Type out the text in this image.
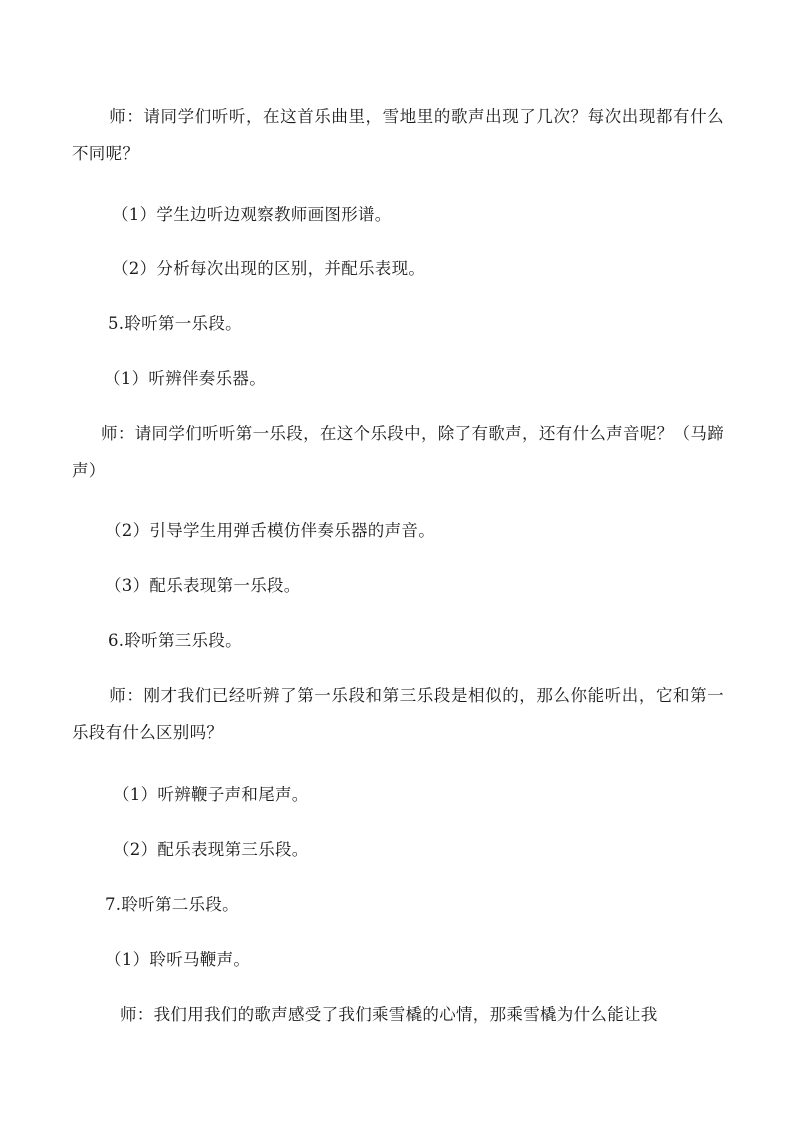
师：请同学们听听，在这首乐曲里，雪地里的歌声出现了几次？每次出现都有什么不同呢？
（1）学生边听边观察教师画图形谱。
（2）分析每次出现的区别，并配乐表现。
5.聆听第一乐段。
（1）听辨伴奏乐器。
师：请同学们听听第一乐段，在这个乐段中，除了有歌声，还有什么声音呢？（马蹄声）
（2）引导学生用弹舌模仿伴奏乐器的声音。
（3）配乐表现第一乐段。
6.聆听第三乐段。
师：刚才我们已经听辨了第一乐段和第三乐段是相似的，那么你能听出，它和第一乐段有什么区别吗？
（1）听辨鞭子声和尾声。
（2）配乐表现第三乐段。
7.聆听第二乐段。
（1）聆听马鞭声。
师：我们用我们的歌声感受了我们乘雪橇的心情，那乘雪橇为什么能让我
